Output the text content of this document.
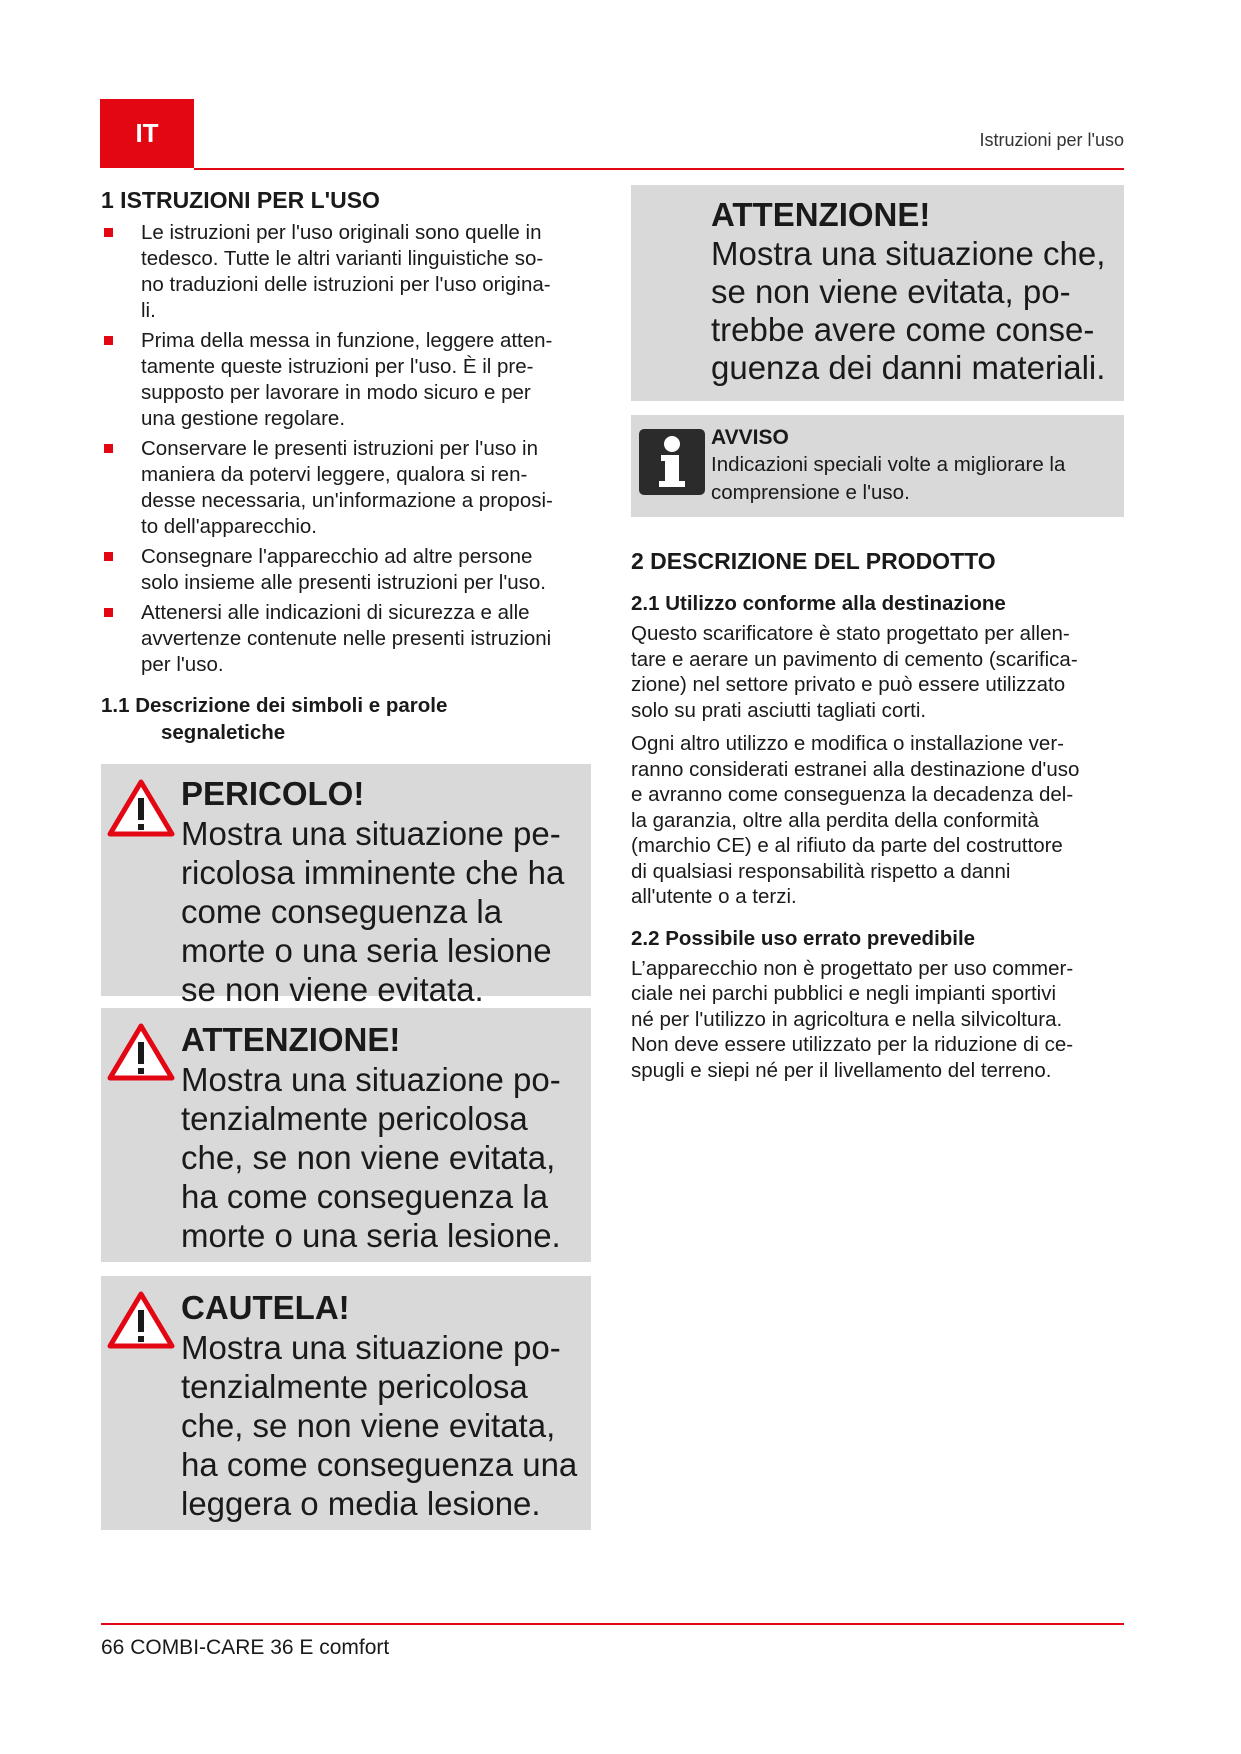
IT	Istruzioni per l'uso
1 ISTRUZIONI PER L'USO
Le istruzioni per l'uso originali sono quelle in
tedesco. Tutte le altri varianti linguistiche so-
no traduzioni delle istruzioni per l'uso origina-
li.
Prima della messa in funzione, leggere atten-
tamente queste istruzioni per l'uso. È il pre-
supposto per lavorare in modo sicuro e per
una gestione regolare.
Conservare le presenti istruzioni per l'uso in
maniera da potervi leggere, qualora si ren-
desse necessaria, un'informazione a proposi-
to dell'apparecchio.
Consegnare l'apparecchio ad altre persone
solo insieme alle presenti istruzioni per l'uso.
Attenersi alle indicazioni di sicurezza e alle
avvertenze contenute nelle presenti istruzioni
per l'uso.
1.1 Descrizione dei simboli e parole
segnaletiche
PERICOLO!
Mostra una situazione pe-
ricolosa imminente che ha
come conseguenza la
morte o una seria lesione
se non viene evitata.
ATTENZIONE!
Mostra una situazione po-
tenzialmente pericolosa
che, se non viene evitata,
ha come conseguenza la
morte o una seria lesione.
CAUTELA!
Mostra una situazione po-
tenzialmente pericolosa
che, se non viene evitata,
ha come conseguenza una
leggera o media lesione.
ATTENZIONE!
Mostra una situazione che,
se non viene evitata, po-
trebbe avere come conse-
guenza dei danni materiali.
AVVISO
Indicazioni speciali volte a migliorare la
comprensione e l'uso.
2 DESCRIZIONE DEL PRODOTTO
2.1 Utilizzo conforme alla destinazione

Questo scarificatore è stato progettato per allen-
tare e aerare un pavimento di cemento (scarifica-
zione) nel settore privato e può essere utilizzato
solo su prati asciutti tagliati corti.

Ogni altro utilizzo e modifica o installazione ver-
ranno considerati estranei alla destinazione d'uso
e avranno come conseguenza la decadenza del-
la garanzia, oltre alla perdita della conformità
(marchio CE) e al rifiuto da parte del costruttore
di qualsiasi responsabilità rispetto a danni
all'utente o a terzi.

2.2 Possibile uso errato prevedibile

L’apparecchio non è progettato per uso commer-
ciale nei parchi pubblici e negli impianti sportivi
né per l'utilizzo in agricoltura e nella silvicoltura.
Non deve essere utilizzato per la riduzione di ce-
spugli e siepi né per il livellamento del terreno.

66 COMBI-CARE 36 E comfort
